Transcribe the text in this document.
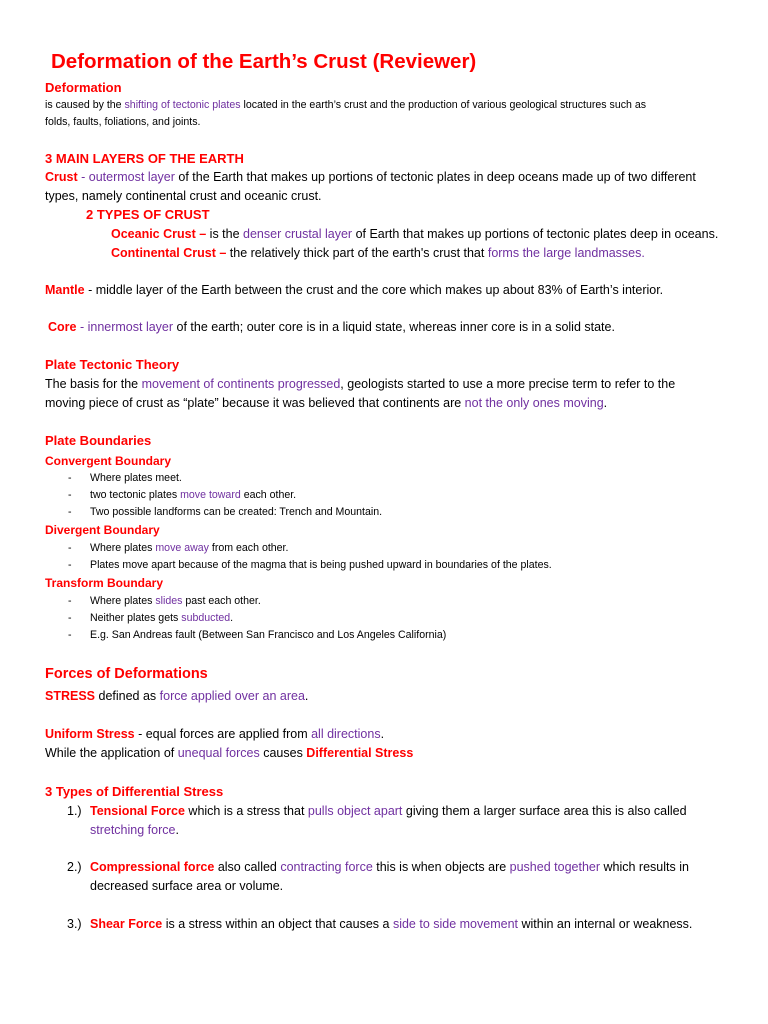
Deformation of the Earth’s Crust (Reviewer)
Deformation
is caused by the shifting of tectonic plates located in the earth’s crust and the production of various geological structures such as
folds, faults, foliations, and joints.
3 MAIN LAYERS OF THE EARTH
Crust - outermost layer of the Earth that makes up portions of tectonic plates in deep oceans made up of two different
types, namely continental crust and oceanic crust.
2 TYPES OF CRUST
Oceanic Crust – is the denser crustal layer of Earth that makes up portions of tectonic plates deep in oceans.
Continental Crust – the relatively thick part of the earth's crust that forms the large landmasses.
Mantle - middle layer of the Earth between the crust and the core which makes up about 83% of Earth’s interior.
Core - innermost layer of the earth; outer core is in a liquid state, whereas inner core is in a solid state.
Plate Tectonic Theory
The basis for the movement of continents progressed, geologists started to use a more precise term to refer to the
moving piece of crust as “plate” because it was believed that continents are not the only ones moving.
Plate Boundaries
Convergent Boundary
- Where plates meet.
- two tectonic plates move toward each other.
- Two possible landforms can be created: Trench and Mountain.
Divergent Boundary
- Where plates move away from each other.
- Plates move apart because of the magma that is being pushed upward in boundaries of the plates.
Transform Boundary
- Where plates slides past each other.
- Neither plates gets subducted.
- E.g. San Andreas fault (Between San Francisco and Los Angeles California)
Forces of Deformations
STRESS defined as force applied over an area.
Uniform Stress - equal forces are applied from all directions.
While the application of unequal forces causes Differential Stress
3 Types of Differential Stress
1.) Tensional Force which is a stress that pulls object apart giving them a larger surface area this is also called
stretching force.
2.) Compressional force also called contracting force this is when objects are pushed together which results in
decreased surface area or volume.
3.) Shear Force is a stress within an object that causes a side to side movement within an internal or weakness.
